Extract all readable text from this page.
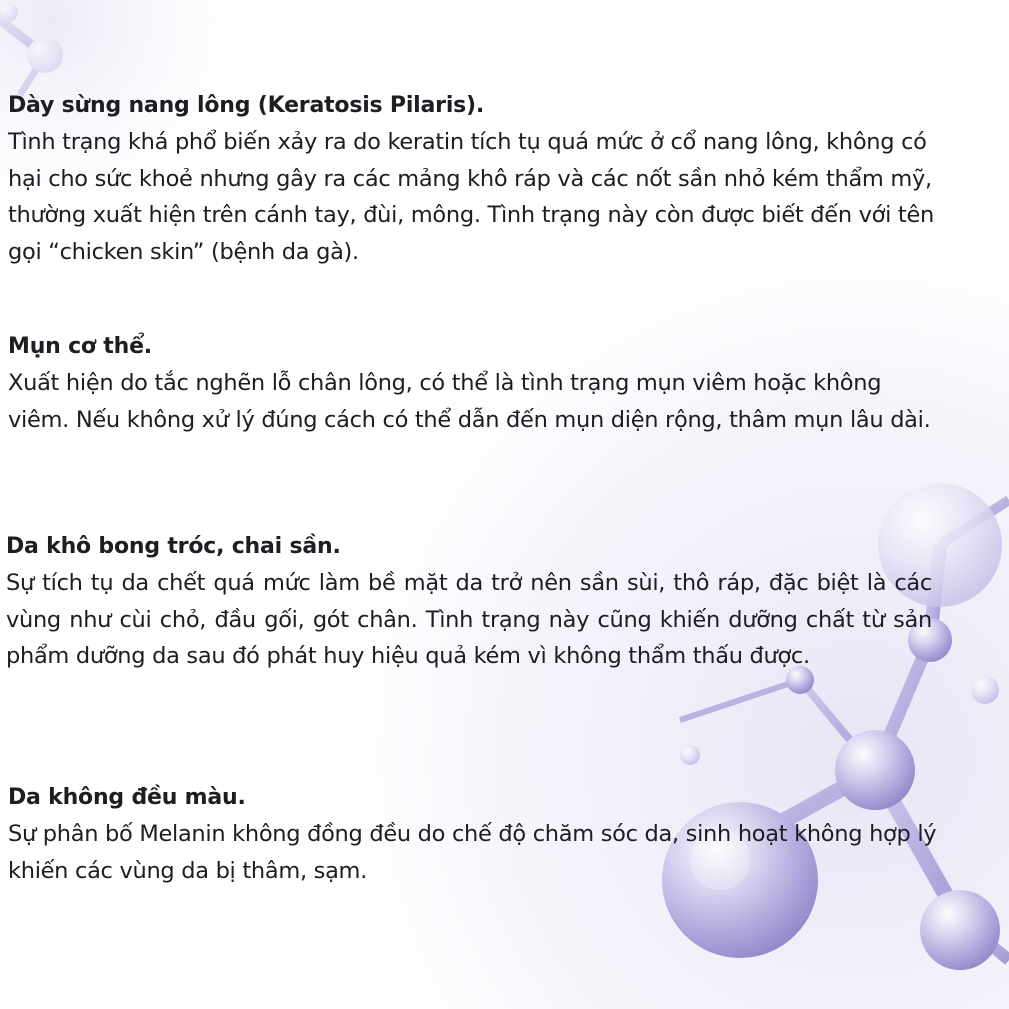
Dày sừng nang lông (Keratosis Pilaris).

Tình trạng khá phổ biến xảy ra do keratin tích tụ quá mức ở cổ nang lông, không có hại cho sức khoẻ nhưng gây ra các mảng khô ráp và các nốt sần nhỏ kém thẩm mỹ, thường xuất hiện trên cánh tay, đùi, mông. Tình trạng này còn được biết đến với tên gọi “chicken skin” (bệnh da gà).

Mụn cơ thể.

Xuất hiện do tắc nghẽn lỗ chân lông, có thể là tình trạng mụn viêm hoặc không viêm. Nếu không xử lý đúng cách có thể dẫn đến mụn diện rộng, thâm mụn lâu dài.

Da khô bong tróc, chai sần.

Sự tích tụ da chết quá mức làm bề mặt da trở nên sần sùi, thô ráp, đặc biệt là các vùng như cùi chỏ, đầu gối, gót chân. Tình trạng này cũng khiến dưỡng chất từ sản phẩm dưỡng da sau đó phát huy hiệu quả kém vì không thẩm thấu được.

Da không đều màu.

Sự phân bố Melanin không đồng đều do chế độ chăm sóc da, sinh hoạt không hợp lý khiến các vùng da bị thâm, sạm.
